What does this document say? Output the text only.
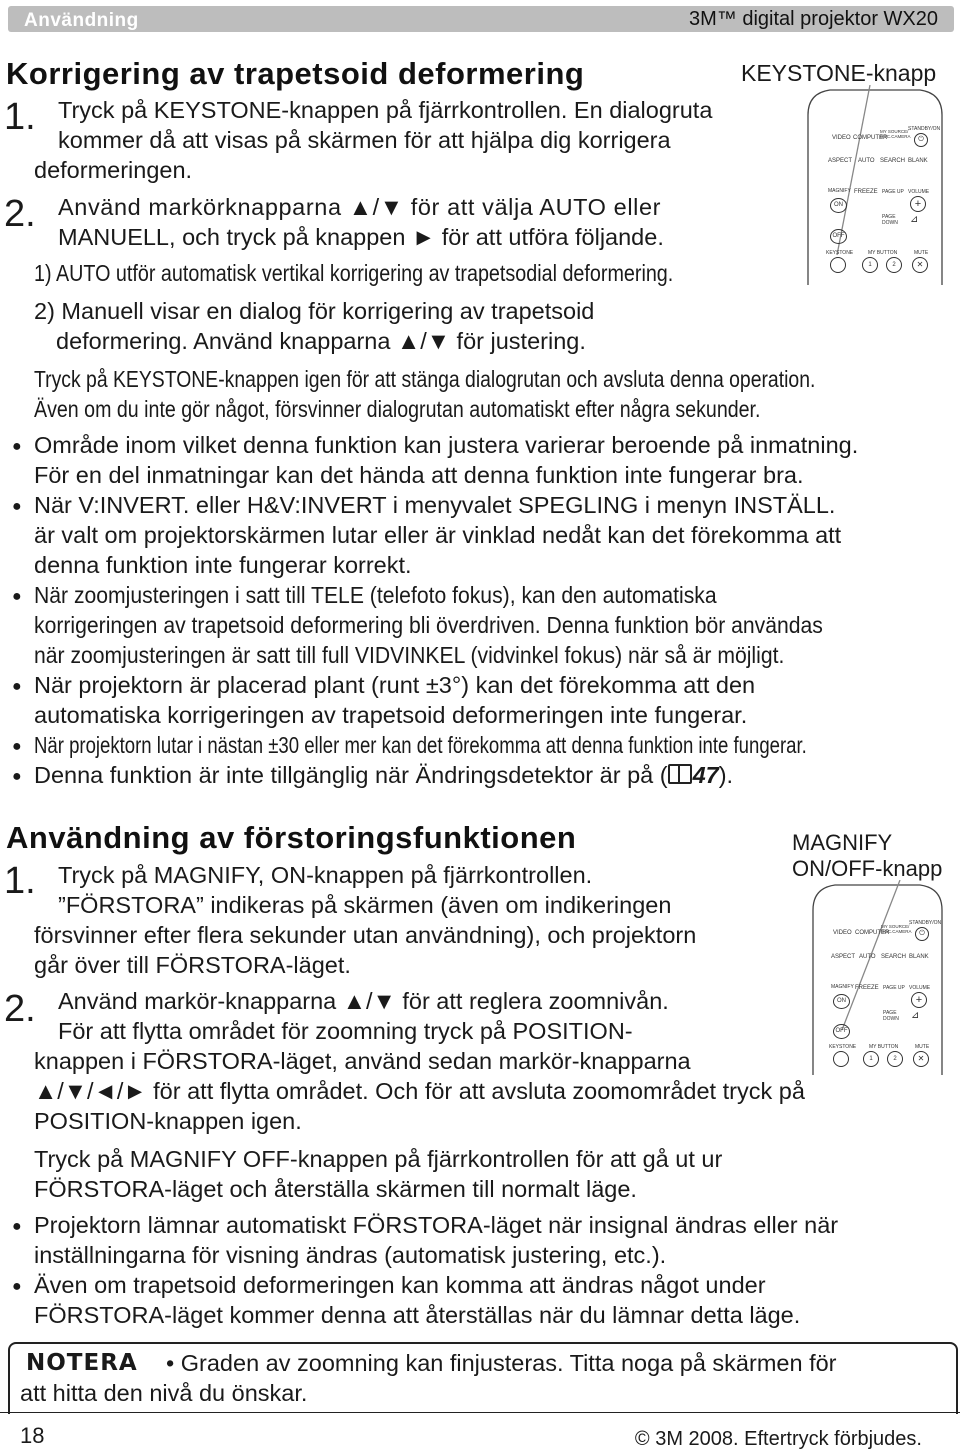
Användning	3M™ digital projektor WX20
Korrigering av trapetsoid deformering	KEYSTONE-knapp
1. Tryck på KEYSTONE-knappen på fjärrkontrollen. En dialogruta
kommer då att visas på skärmen för att hjälpa dig korrigera
deformeringen.
2. Använd markörknapparna ▲/▼ för att välja AUTO eller
MANUELL, och tryck på knappen ► för att utföra följande.
1) AUTO utför automatisk vertikal korrigering av trapetsodial deformering.
2) Manuell visar en dialog för korrigering av trapetsoid
deformering. Använd knapparna ▲/▼ för justering.
Tryck på KEYSTONE-knappen igen för att stänga dialogrutan och avsluta denna operation.
Även om du inte gör något, försvinner dialogrutan automatiskt efter några sekunder.
● Område inom vilket denna funktion kan justera varierar beroende på inmatning.
För en del inmatningar kan det hända att denna funktion inte fungerar bra.
● När V:INVERT. eller H&V:INVERT i menyvalet SPEGLING i menyn INSTÄLL.
är valt om projektorskärmen lutar eller är vinklad nedåt kan det förekomma att
denna funktion inte fungerar korrekt.
● När zoomjusteringen i satt till TELE (telefoto fokus), kan den automatiska
korrigeringen av trapetsoid deformering bli överdriven. Denna funktion bör användas
när zoomjusteringen är satt till full VIDVINKEL (vidvinkel fokus) när så är möjligt.
● När projektorn är placerad plant (runt ±3°) kan det förekomma att den
automatiska korrigeringen av trapetsoid deformeringen inte fungerar.
● När projektorn lutar i nästan ±30 eller mer kan det förekomma att denna funktion inte fungerar.
● Denna funktion är inte tillgänglig när Ändringsdetektor är på ( 47).
STANDBY/ON
⏻
VIDEO COMPUTER
MY SOURCE/ DOC.CAMERA
ASPECT AUTO SEARCH BLANK
MAGNIFY FREEZE PAGE UP VOLUME
ON	+
PAGE DOWN	⊿
OFF
KEYSTONE	MY BUTTON	MUTE
1	2	✕
Användning av förstoringsfunktionen	MAGNIFY
ON/OFF-knapp
1. Tryck på MAGNIFY, ON-knappen på fjärrkontrollen.
”FÖRSTORA” indikeras på skärmen (även om indikeringen
försvinner efter flera sekunder utan användning), och projektorn
går över till FÖRSTORA-läget.
2. Använd markör-knapparna ▲/▼ för att reglera zoomnivån.
För att flytta området för zoomning tryck på POSITION-
knappen i FÖRSTORA-läget, använd sedan markör-knapparna
▲/▼/◄/► för att flytta området. Och för att avsluta zoomområdet tryck på
POSITION-knappen igen.
Tryck på MAGNIFY OFF-knappen på fjärrkontrollen för att gå ut ur
FÖRSTORA-läget och återställa skärmen till normalt läge.
● Projektorn lämnar automatiskt FÖRSTORA-läget när insignal ändras eller när
inställningarna för visning ändras (automatisk justering, etc.).
● Även om trapetsoid deformeringen kan komma att ändras något under
FÖRSTORA-läget kommer denna att återställas när du lämnar detta läge.
STANDBY/ON
⏻
VIDEO COMPUTER
MY SOURCE/ DOC.CAMERA
ASPECT AUTO SEARCH BLANK
MAGNIFY FREEZE PAGE UP VOLUME
ON	+
PAGE DOWN	⊿
OFF
KEYSTONE	MY BUTTON	MUTE
1	2	✕
NOTERA • Graden av zoomning kan finjusteras. Titta noga på skärmen för
att hitta den nivå du önskar.
18	© 3M 2008. Eftertryck förbjudes.
